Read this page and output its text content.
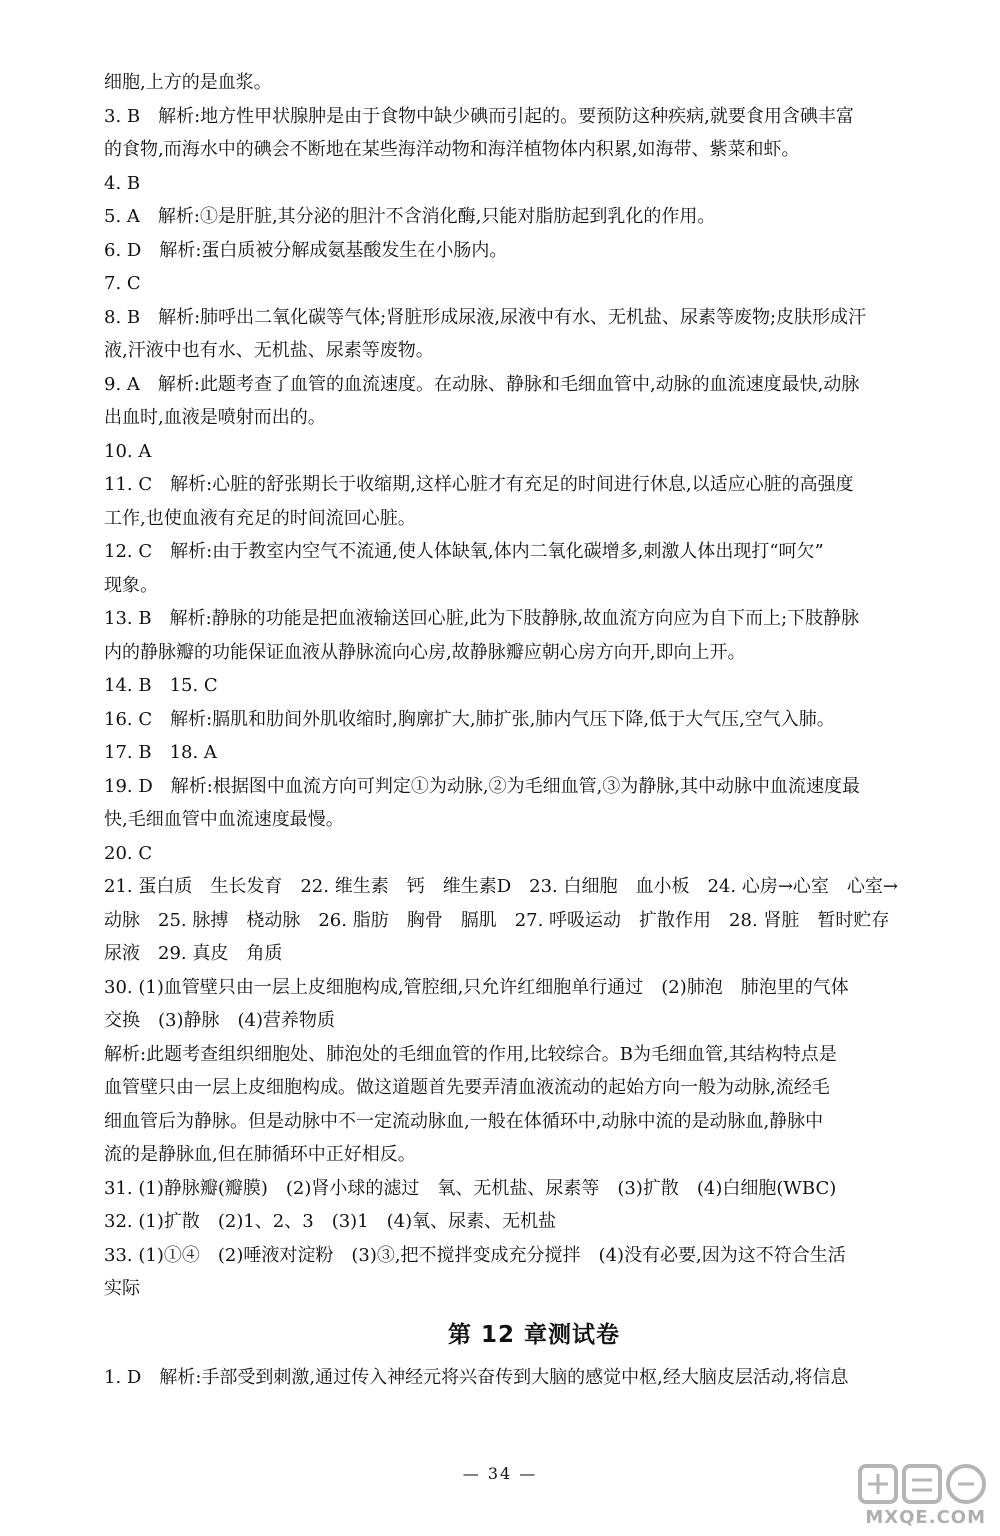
细胞,上方的是血浆。
3. B　解析:地方性甲状腺肿是由于食物中缺少碘而引起的。要预防这种疾病,就要食用含碘丰富
的食物,而海水中的碘会不断地在某些海洋动物和海洋植物体内积累,如海带、紫菜和虾。
4. B
5. A　解析:①是肝脏,其分泌的胆汁不含消化酶,只能对脂肪起到乳化的作用。
6. D　解析:蛋白质被分解成氨基酸发生在小肠内。
7. C
8. B　解析:肺呼出二氧化碳等气体;肾脏形成尿液,尿液中有水、无机盐、尿素等废物;皮肤形成汗
液,汗液中也有水、无机盐、尿素等废物。
9. A　解析:此题考查了血管的血流速度。在动脉、静脉和毛细血管中,动脉的血流速度最快,动脉
出血时,血液是喷射而出的。
10. A
11. C　解析:心脏的舒张期长于收缩期,这样心脏才有充足的时间进行休息,以适应心脏的高强度
工作,也使血液有充足的时间流回心脏。
12. C　解析:由于教室内空气不流通,使人体缺氧,体内二氧化碳增多,刺激人体出现打“呵欠”
现象。
13. B　解析:静脉的功能是把血液输送回心脏,此为下肢静脉,故血流方向应为自下而上;下肢静脉
内的静脉瓣的功能保证血液从静脉流向心房,故静脉瓣应朝心房方向开,即向上开。
14. B　15. C
16. C　解析:膈肌和肋间外肌收缩时,胸廓扩大,肺扩张,肺内气压下降,低于大气压,空气入肺。
17. B　18. A
19. D　解析:根据图中血流方向可判定①为动脉,②为毛细血管,③为静脉,其中动脉中血流速度最
快,毛细血管中血流速度最慢。
20. C
21. 蛋白质　生长发育　22. 维生素　钙　维生素D　23. 白细胞　血小板　24. 心房→心室　心室→
动脉　25. 脉搏　桡动脉　26. 脂肪　胸骨　膈肌　27. 呼吸运动　扩散作用　28. 肾脏　暂时贮存
尿液　29. 真皮　角质
30. (1)血管壁只由一层上皮细胞构成,管腔细,只允许红细胞单行通过　(2)肺泡　肺泡里的气体
交换　(3)静脉　(4)营养物质
解析:此题考查组织细胞处、肺泡处的毛细血管的作用,比较综合。B为毛细血管,其结构特点是
血管壁只由一层上皮细胞构成。做这道题首先要弄清血液流动的起始方向一般为动脉,流经毛
细血管后为静脉。但是动脉中不一定流动脉血,一般在体循环中,动脉中流的是动脉血,静脉中
流的是静脉血,但在肺循环中正好相反。
31. (1)静脉瓣(瓣膜)　(2)肾小球的滤过　氧、无机盐、尿素等　(3)扩散　(4)白细胞(WBC)
32. (1)扩散　(2)1、2、3　(3)1　(4)氧、尿素、无机盐
33. (1)①④　(2)唾液对淀粉　(3)③,把不搅拌变成充分搅拌　(4)没有必要,因为这不符合生活
实际
第 12 章测试卷
1. D　解析:手部受到刺激,通过传入神经元将兴奋传到大脑的感觉中枢,经大脑皮层活动,将信息
— 34 —
MXQE.COM
